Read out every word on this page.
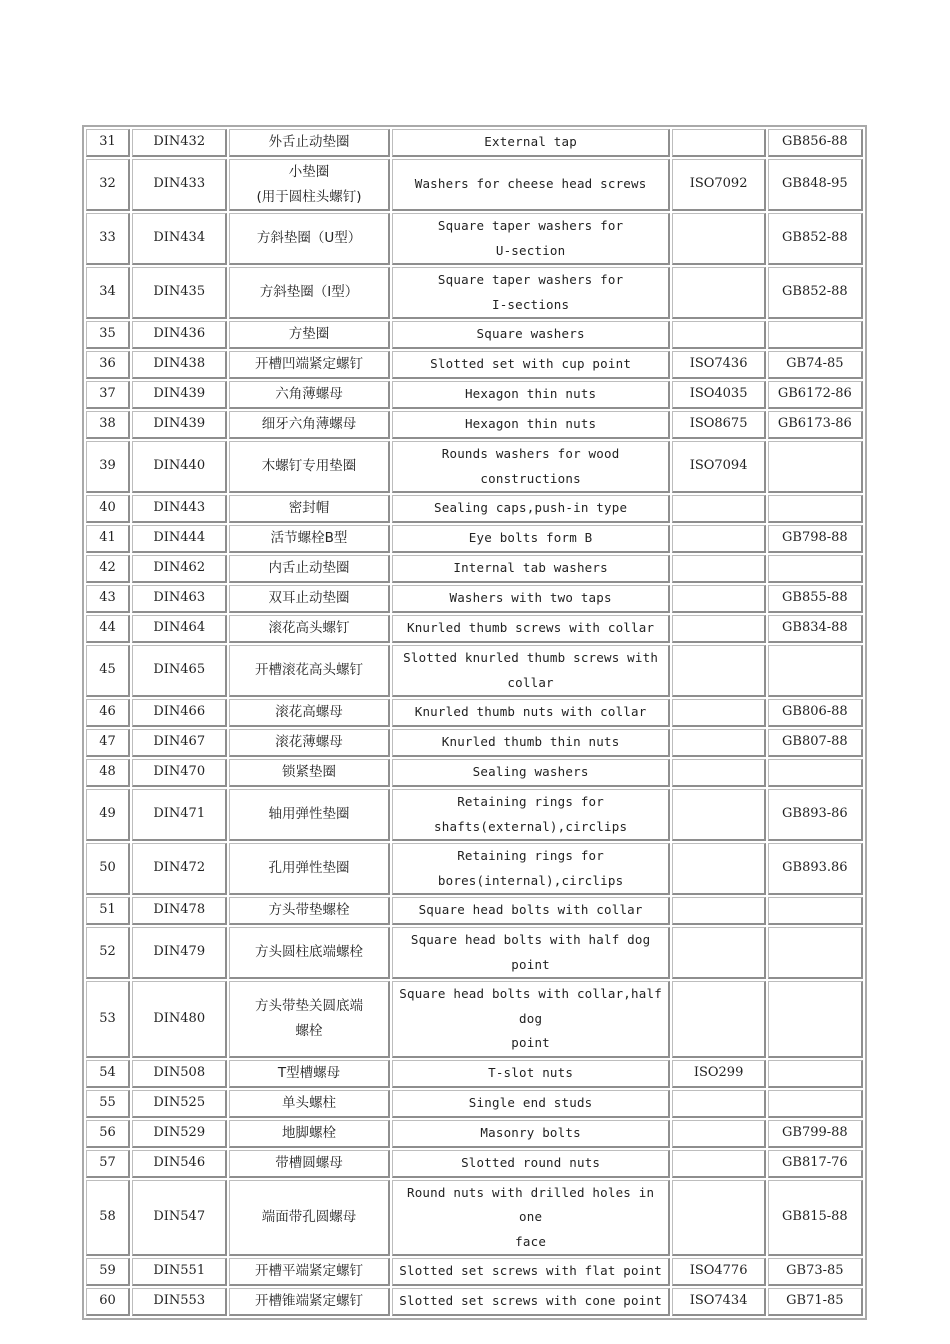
31	DIN432	外舌止动垫圈	External tap		GB856-88
32	DIN433	小垫圈
(用于圆柱头螺钉)	Washers for cheese head screws	ISO7092	GB848-95
33	DIN434	方斜垫圈（U型）	Square taper washers for
U-section		GB852-88
34	DIN435	方斜垫圈（I型）	Square taper washers for
I-sections		GB852-88
35	DIN436	方垫圈	Square washers		

36	DIN438	开槽凹端紧定螺钉	Slotted set with cup point	ISO7436	GB74-85
37	DIN439	六角薄螺母	Hexagon thin nuts	ISO4035	GB6172-86
38	DIN439	细牙六角薄螺母	Hexagon thin nuts	ISO8675	GB6173-86
39	DIN440	木螺钉专用垫圈	Rounds washers for wood constructions	ISO7094	
40	DIN443	密封帽	Sealing caps,push-in type		

41	DIN444	活节螺栓B型	Eye bolts form B		GB798-88
42	DIN462	内舌止动垫圈	Internal tab washers		

43	DIN463	双耳止动垫圈	Washers with two taps		GB855-88
44	DIN464	滚花高头螺钉	Knurled thumb screws with collar		GB834-88
45	DIN465	开槽滚花高头螺钉	Slotted knurled thumb screws with
collar		

46	DIN466	滚花高螺母	Knurled thumb nuts with collar		GB806-88
47	DIN467	滚花薄螺母	Knurled thumb thin nuts		GB807-88
48	DIN470	锁紧垫圈	Sealing washers		

49	DIN471	轴用弹性垫圈	Retaining rings for
shafts(external),circlips		GB893-86
50	DIN472	孔用弹性垫圈	Retaining rings for
bores(internal),circlips		GB893.86
51	DIN478	方头带垫螺栓	Square head bolts with collar		

52	DIN479	方头圆柱底端螺栓	Square head bolts with half dog point		

53	DIN480	方头带垫关圆底端
螺栓	Square head bolts with collar,half dog
point		

54	DIN508	T型槽螺母	T-slot nuts	ISO299	
55	DIN525	单头螺柱	Single end studs		

56	DIN529	地脚螺栓	Masonry bolts		GB799-88
57	DIN546	带槽圆螺母	Slotted round nuts		GB817-76
58	DIN547	端面带孔圆螺母	Round nuts with drilled holes in one
face		GB815-88
59	DIN551	开槽平端紧定螺钉	Slotted set screws with flat point	ISO4776	GB73-85
60	DIN553	开槽锥端紧定螺钉	Slotted set screws with cone point	ISO7434	GB71-85
